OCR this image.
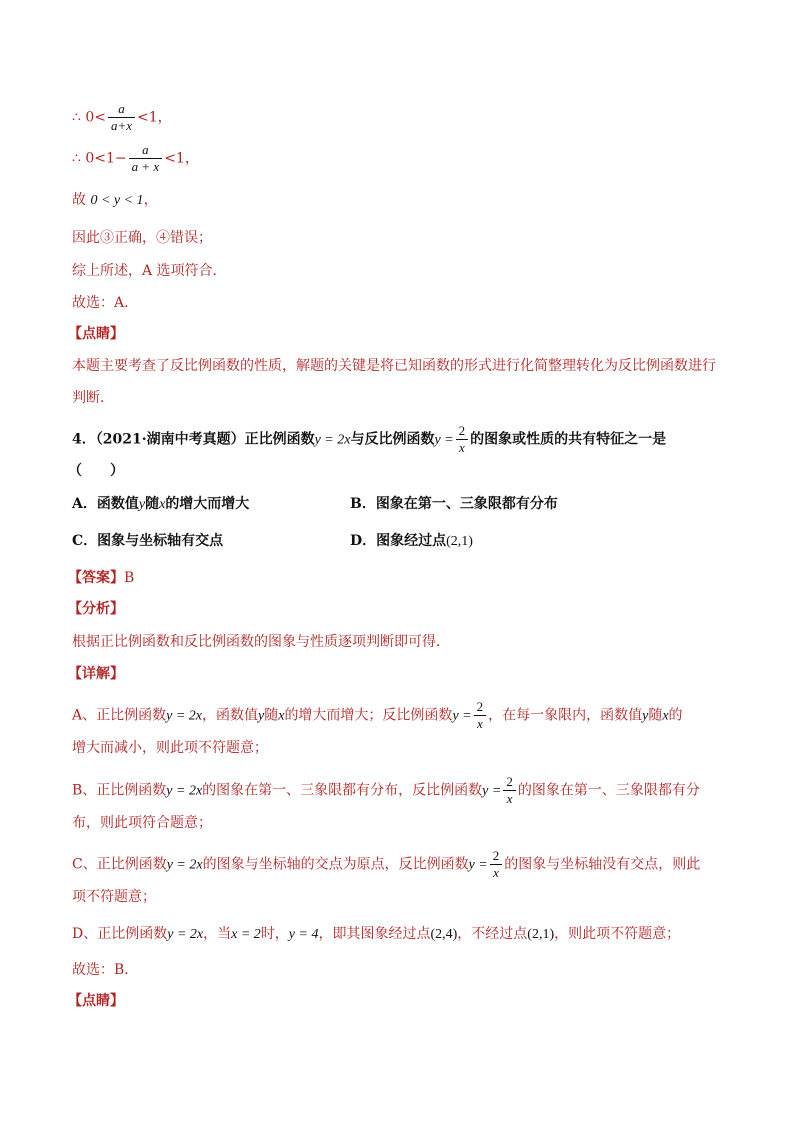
∴ $0< \frac{a}{a+x} <1$，
∴ $0<1- \frac{a}{a + x} <1$，
故 0 < y < 1，
因此③正确，④错误；
综上所述，A 选项符合．
故选：A．
【点睛】
本题主要考查了反比例函数的性质，解题的关键是将已知函数的形式进行化简整理转化为反比例函数进行
判断．
4．（2021·湖南中考真题）正比例函数y = 2x与反比例函数$y = \frac{2}{x}$ 的图象或性质的共有特征之一是
（　　）
A．函数值y随x的增大而增大	B．图象在第一、三象限都有分布
C．图象与坐标轴有交点	D．图象经过点(2,1)
【答案】B
【分析】
根据正比例函数和反比例函数的图象与性质逐项判断即可得．
【详解】
A、正比例函数y = 2x，函数值y随x的增大而增大；反比例函数$y = \frac{2}{x}$ ，在每一象限内，函数值y随x的
增大而减小，则此项不符题意；
B、正比例函数y = 2x的图象在第一、三象限都有分布，反比例函数$y = \frac{2}{x}$ 的图象在第一、三象限都有分
布，则此项符合题意；
C、正比例函数y = 2x的图象与坐标轴的交点为原点，反比例函数$y = \frac{2}{x}$ 的图象与坐标轴没有交点，则此
项不符题意；
D、正比例函数y = 2x，当x = 2时，y = 4，即其图象经过点(2,4)，不经过点(2,1)，则此项不符题意；
故选：B．
【点睛】
